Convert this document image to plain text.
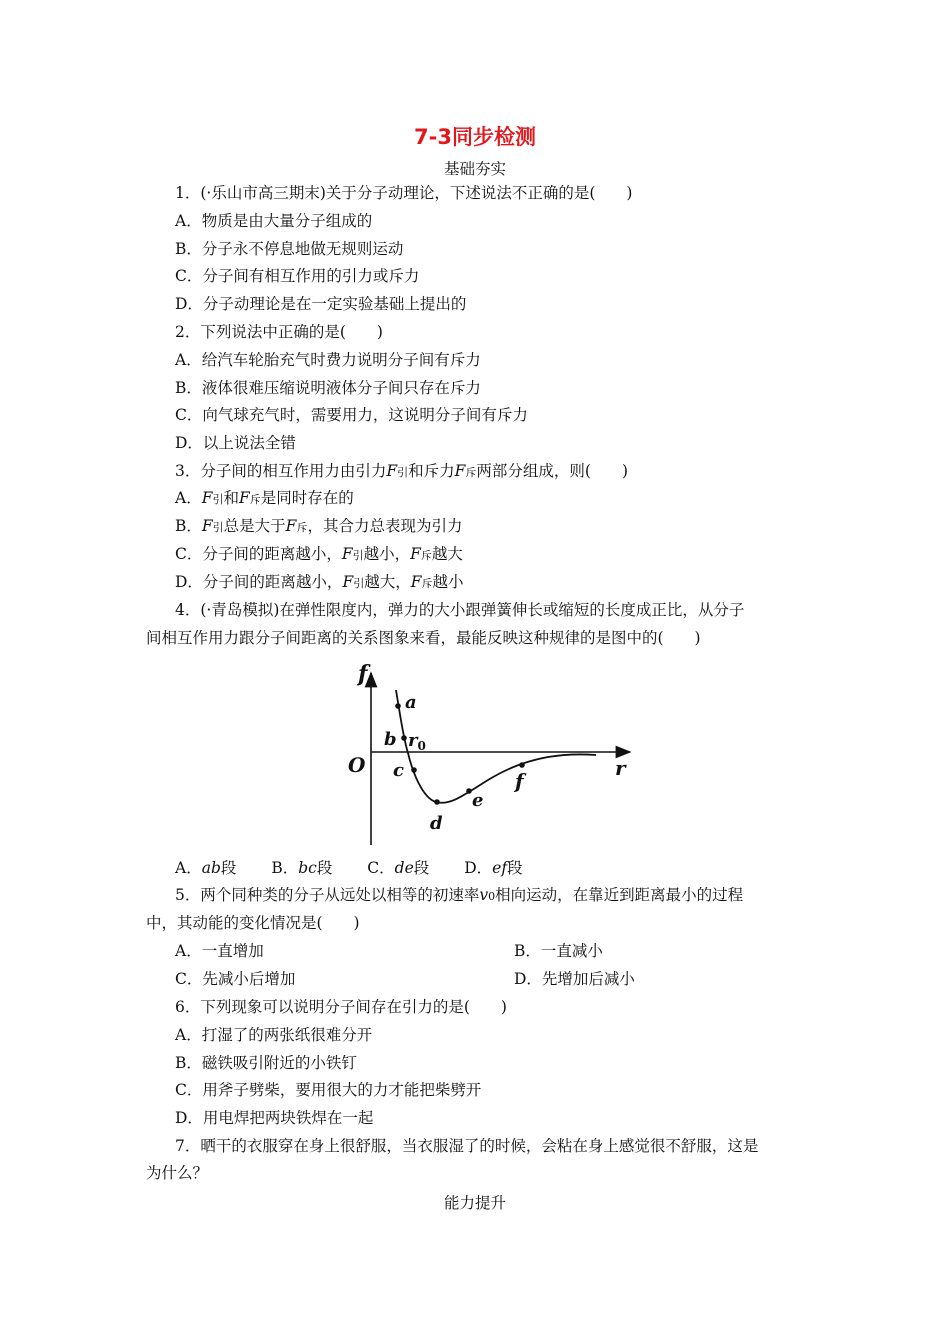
7-3同步检测
基础夯实
1．(·乐山市高三期末)关于分子动理论，下述说法不正确的是(　　)
A．物质是由大量分子组成的
B．分子永不停息地做无规则运动
C．分子间有相互作用的引力或斥力
D．分子动理论是在一定实验基础上提出的
2．下列说法中正确的是(　　)
A．给汽车轮胎充气时费力说明分子间有斥力
B．液体很难压缩说明液体分子间只存在斥力
C．向气球充气时，需要用力，这说明分子间有斥力
D．以上说法全错
3．分子间的相互作用力由引力F引和斥力F斥两部分组成，则(　　)
A．F引和F斥是同时存在的
B．F引总是大于F斥，其合力总表现为引力
C．分子间的距离越小，F引越小，F斥越大
D．分子间的距离越小，F引越大，F斥越小
4．(·青岛模拟)在弹性限度内，弹力的大小跟弹簧伸长或缩短的长度成正比，从分子
间相互作用力跟分子间距离的关系图象来看，最能反映这种规律的是图中的(　　)
f
r
O
a
b $r_0$
c
d
e
f
A．ab段 B．bc段 C．de段 D．ef段
5．两个同种类的分子从远处以相等的初速率v0相向运动，在靠近到距离最小的过程
中，其动能的变化情况是(　　)
A．一直增加	B．一直减小
C．先减小后增加	D．先增加后减小
6．下列现象可以说明分子间存在引力的是(　　)
A．打湿了的两张纸很难分开
B．磁铁吸引附近的小铁钉
C．用斧子劈柴，要用很大的力才能把柴劈开
D．用电焊把两块铁焊在一起
7．晒干的衣服穿在身上很舒服，当衣服湿了的时候，会粘在身上感觉很不舒服，这是
为什么？
能力提升
